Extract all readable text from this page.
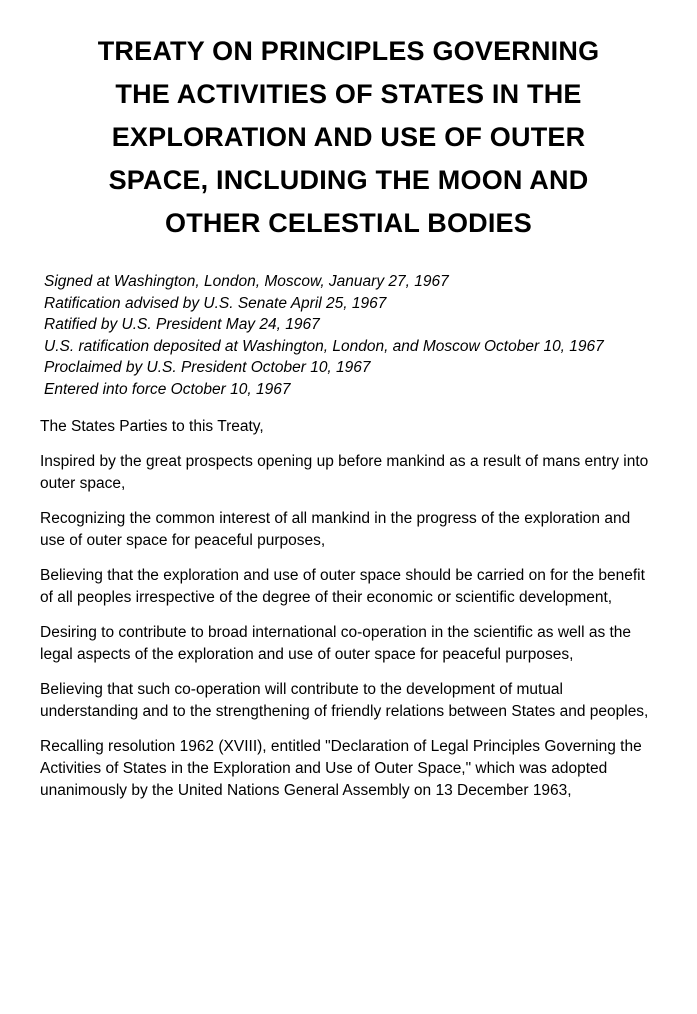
TREATY ON PRINCIPLES GOVERNING
THE ACTIVITIES OF STATES IN THE
EXPLORATION AND USE OF OUTER
SPACE, INCLUDING THE MOON AND
OTHER CELESTIAL BODIES
Signed at Washington, London, Moscow, January 27, 1967
Ratification advised by U.S. Senate April 25, 1967
Ratified by U.S. President May 24, 1967
U.S. ratification deposited at Washington, London, and Moscow October 10, 1967
Proclaimed by U.S. President October 10, 1967
Entered into force October 10, 1967

The States Parties to this Treaty,

Inspired by the great prospects opening up before mankind as a result of mans entry into outer space,

Recognizing the common interest of all mankind in the progress of the exploration and use of outer space for peaceful purposes,

Believing that the exploration and use of outer space should be carried on for the benefit of all peoples irrespective of the degree of their economic or scientific development,

Desiring to contribute to broad international co-operation in the scientific as well as the legal aspects of the exploration and use of outer space for peaceful purposes,

Believing that such co-operation will contribute to the development of mutual understanding and to the strengthening of friendly relations between States and peoples,

Recalling resolution 1962 (XVIII), entitled "Declaration of Legal Principles Governing the Activities of States in the Exploration and Use of Outer Space," which was adopted unanimously by the United Nations General Assembly on 13 December 1963,
